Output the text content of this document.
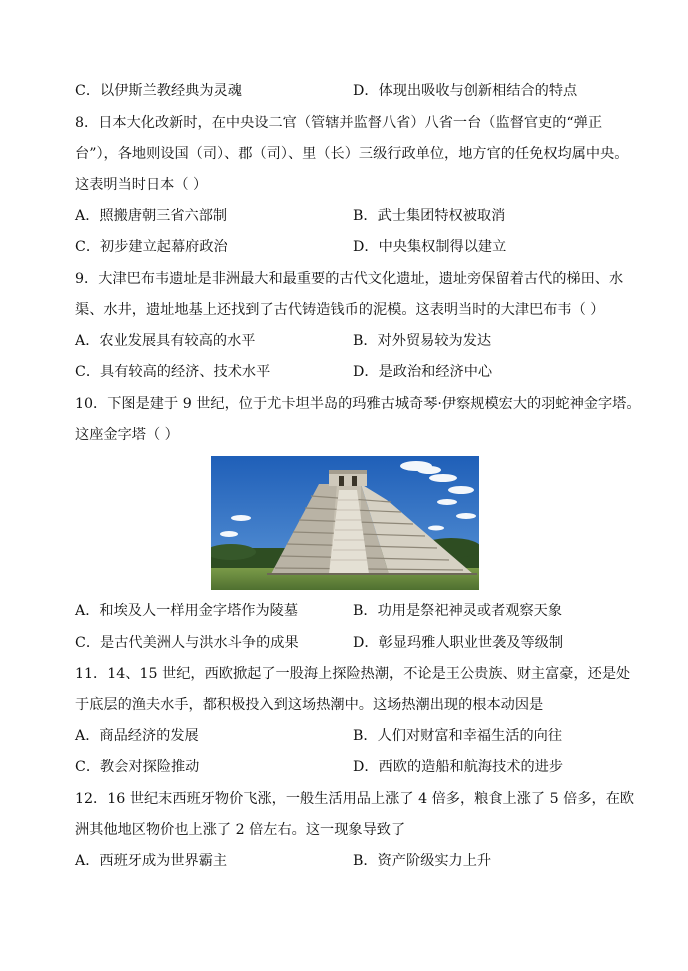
C．以伊斯兰教经典为灵魂	D．体现出吸收与创新相结合的特点
8．日本大化改新时，在中央设二官（管辖并监督八省）八省一台（监督官吏的“弹正
台”），各地则设国（司）、郡（司）、里（长）三级行政单位，地方官的任免权均属中央。
这表明当时日本（ ）
A．照搬唐朝三省六部制	B．武士集团特权被取消
C．初步建立起幕府政治	D．中央集权制得以建立
9．大津巴布韦遗址是非洲最大和最重要的古代文化遗址，遗址旁保留着古代的梯田、水
渠、水井，遗址地基上还找到了古代铸造钱币的泥模。这表明当时的大津巴布韦（ ）
A．农业发展具有较高的水平	B．对外贸易较为发达
C．具有较高的经济、技术水平	D．是政治和经济中心
10．下图是建于 9 世纪，位于尤卡坦半岛的玛雅古城奇琴·伊察规模宏大的羽蛇神金字塔。
这座金字塔（ ）
A．和埃及人一样用金字塔作为陵墓	B．功用是祭祀神灵或者观察天象
C．是古代美洲人与洪水斗争的成果	D．彰显玛雅人职业世袭及等级制
11．14、15 世纪，西欧掀起了一股海上探险热潮，不论是王公贵族、财主富豪，还是处
于底层的渔夫水手，都积极投入到这场热潮中。这场热潮出现的根本动因是
A．商品经济的发展	B．人们对财富和幸福生活的向往
C．教会对探险推动	D．西欧的造船和航海技术的进步
12．16 世纪末西班牙物价飞涨，一般生活用品上涨了 4 倍多，粮食上涨了 5 倍多，在欧
洲其他地区物价也上涨了 2 倍左右。这一现象导致了
A．西班牙成为世界霸主	B．资产阶级实力上升
